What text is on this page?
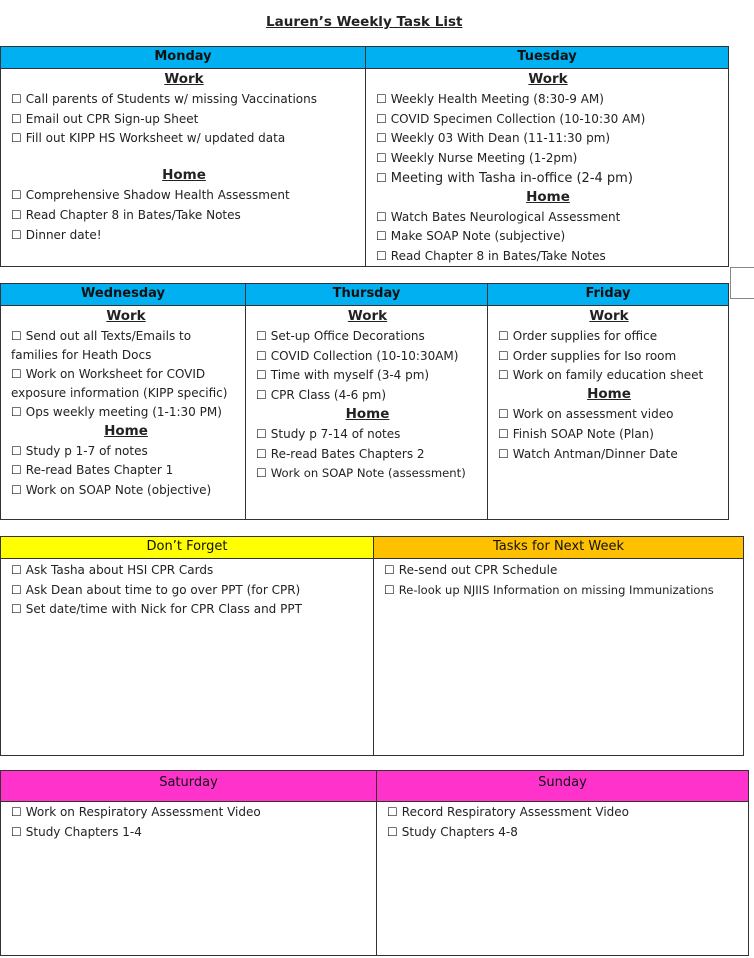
Lauren’s Weekly Task List
Monday
Work
☐ Call parents of Students w/ missing Vaccinations
☐ Email out CPR Sign-up Sheet
☐ Fill out KIPP HS Worksheet w/ updated data
Home
☐ Comprehensive Shadow Health Assessment
☐ Read Chapter 8 in Bates/Take Notes
☐ Dinner date!
Tuesday
Work
☐ Weekly Health Meeting (8:30-9 AM)
☐ COVID Specimen Collection (10-10:30 AM)
☐ Weekly 03 With Dean (11-11:30 pm)
☐ Weekly Nurse Meeting (1-2pm)
☐ Meeting with Tasha in-office (2-4 pm)
Home
☐ Watch Bates Neurological Assessment
☐ Make SOAP Note (subjective)
☐ Read Chapter 8 in Bates/Take Notes
Wednesday
Work
☐ Send out all Texts/Emails to families for Heath Docs
☐ Work on Worksheet for COVID exposure information (KIPP specific)
☐ Ops weekly meeting (1-1:30 PM)
Home
☐ Study p 1-7 of notes
☐ Re-read Bates Chapter 1
☐ Work on SOAP Note (objective)
Thursday
Work
☐ Set-up Office Decorations
☐ COVID Collection (10-10:30AM)
☐ Time with myself (3-4 pm)
☐ CPR Class (4-6 pm)
Home
☐ Study p 7-14 of notes
☐ Re-read Bates Chapters 2
☐ Work on SOAP Note (assessment)
Friday
Work
☐ Order supplies for office
☐ Order supplies for Iso room
☐ Work on family education sheet
Home
☐ Work on assessment video
☐ Finish SOAP Note (Plan)
☐ Watch Antman/Dinner Date
Don’t Forget
☐ Ask Tasha about HSI CPR Cards
☐ Ask Dean about time to go over PPT (for CPR)
☐ Set date/time with Nick for CPR Class and PPT
Tasks for Next Week
☐ Re-send out CPR Schedule
☐ Re-look up NJIIS Information on missing Immunizations
Saturday
☐ Work on Respiratory Assessment Video
☐ Study Chapters 1-4
Sunday
☐ Record Respiratory Assessment Video
☐ Study Chapters 4-8
